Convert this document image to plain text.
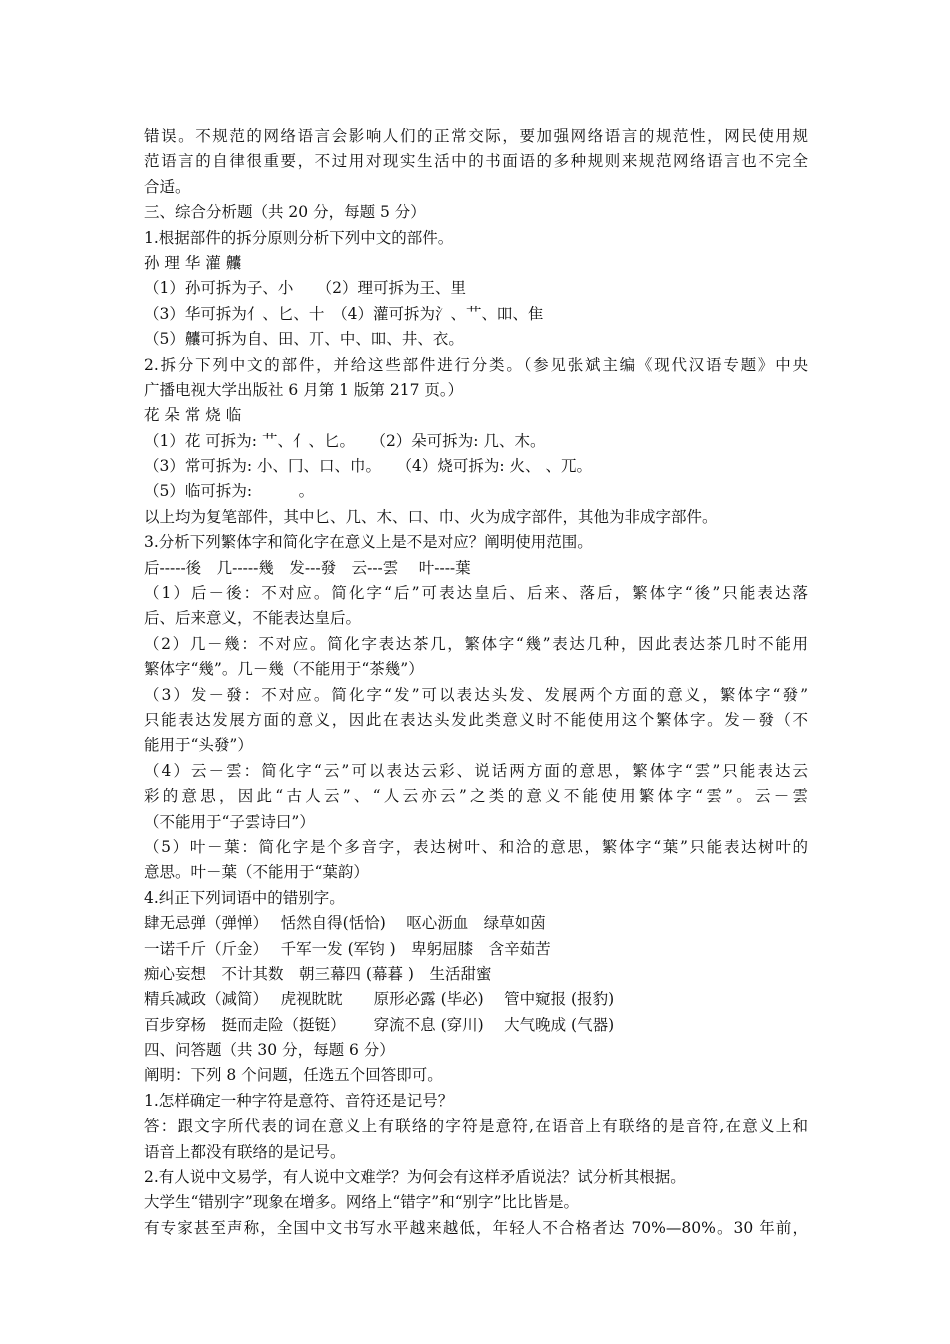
错误。不规范的网络语言会影响人们的正常交际，要加强网络语言的规范性，网民使用规
范语言的自律很重要，不过用对现实生活中的书面语的多种规则来规范网络语言也不完全
合适。
三、综合分析题（共 20 分，每题 5 分）
1.根据部件的拆分原则分析下列中文的部件。
孙 理 华 灌 齉
（1）孙可拆为子、小　　（2）理可拆为王、里
（3）华可拆为亻、匕、十　（4）灌可拆为氵、艹、吅、隹
（5）齉可拆为自、田、丌、中、吅、井、衣。
2.拆分下列中文的部件，并给这些部件进行分类。（参见张斌主编《现代汉语专题》中央
广播电视大学出版社 6 月第 1 版第 217 页。）
花 朵 常 烧 临
（1）花 可拆为: 艹、亻、匕。　　（2）朵可拆为: 几、木。
（3）常可拆为: 小、冂、口、巾。　　（4）烧可拆为: 火、 、兀。
（5）临可拆为:　　　。
以上均为复笔部件，其中匕、几、木、口、巾、火为成字部件，其他为非成字部件。
3.分析下列繁体字和简化字在意义上是不是对应？阐明使用范围。
后-----後　几-----幾　发---發　云---雲　 叶----葉
（1）后－後：不对应。简化字“后”可表达皇后、后来、落后，繁体字“後”只能表达落
后、后来意义，不能表达皇后。
（2）几－幾：不对应。简化字表达茶几，繁体字“幾”表达几种，因此表达茶几时不能用
繁体字“幾”。几－幾（不能用于“茶幾”）
（3）发－發：不对应。简化字“发”可以表达头发、发展两个方面的意义，繁体字“發”
只能表达发展方面的意义，因此在表达头发此类意义时不能使用这个繁体字。发－發（不
能用于“头發”）
（4）云－雲：简化字“云”可以表达云彩、说话两方面的意思，繁体字“雲”只能表达云
彩的意思，因此“古人云”、“人云亦云”之类的意义不能使用繁体字“雲”。云－雲
（不能用于“子雲诗曰”）
（5）叶－葉：简化字是个多音字，表达树叶、和洽的意思，繁体字“葉”只能表达树叶的
意思。叶－葉（不能用于“葉韵）
4.纠正下列词语中的错别字。
肆无忌弹（弹惮）　 恬然自得(恬恰)　 呕心沥血　绿草如茵
一诺千斤（斤金）　 千军一发 (军钧 )　卑躬屈膝　含辛茹苦
痴心妄想　不计其数　朝三幕四 (幕暮 )　生活甜蜜
精兵减政（减简）　 虎视眈眈　　原形必露 (毕必)　 管中窥报 (报豹)
百步穿杨　挺而走险（挺铤）　　 穿流不息 (穿川)　 大气晚成 (气器)
四、问答题（共 30 分，每题 6 分）
阐明：下列 8 个问题，任选五个回答即可。
1.怎样确定一种字符是意符、音符还是记号？
答：跟文字所代表的词在意义上有联络的字符是意符,在语音上有联络的是音符,在意义上和
语音上都没有联络的是记号。
2.有人说中文易学，有人说中文难学？为何会有这样矛盾说法？试分析其根据。
大学生“错别字”现象在增多。网络上“错字”和“别字”比比皆是。
有专家甚至声称，全国中文书写水平越来越低，年轻人不合格者达 70%—80%。30 年前，
